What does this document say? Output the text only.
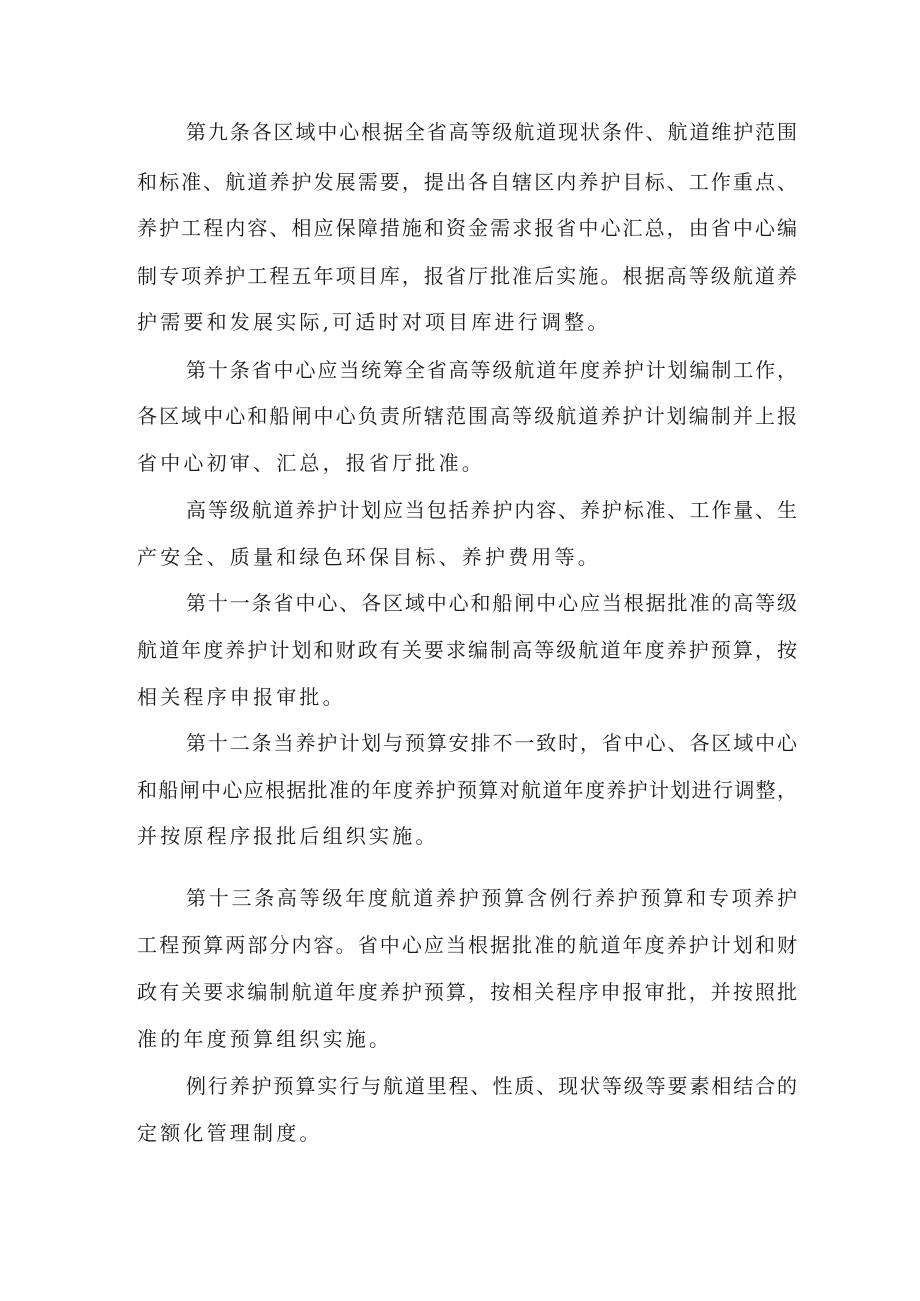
第九条各区域中心根据全省高等级航道现状条件、航道维护范围
和标准、航道养护发展需要，提出各自辖区内养护目标、工作重点、
养护工程内容、相应保障措施和资金需求报省中心汇总，由省中心编
制专项养护工程五年项目库，报省厅批准后实施。根据高等级航道养
护需要和发展实际,可适时对项目库进行调整。
第十条省中心应当统筹全省高等级航道年度养护计划编制工作，
各区域中心和船闸中心负责所辖范围高等级航道养护计划编制并上报
省中心初审、汇总，报省厅批准。
高等级航道养护计划应当包括养护内容、养护标准、工作量、生
产安全、质量和绿色环保目标、养护费用等。
第十一条省中心、各区域中心和船闸中心应当根据批准的高等级
航道年度养护计划和财政有关要求编制高等级航道年度养护预算，按
相关程序申报审批。
第十二条当养护计划与预算安排不一致时，省中心、各区域中心
和船闸中心应根据批准的年度养护预算对航道年度养护计划进行调整，
并按原程序报批后组织实施。
第十三条高等级年度航道养护预算含例行养护预算和专项养护
工程预算两部分内容。省中心应当根据批准的航道年度养护计划和财
政有关要求编制航道年度养护预算，按相关程序申报审批，并按照批
准的年度预算组织实施。
例行养护预算实行与航道里程、性质、现状等级等要素相结合的
定额化管理制度。
